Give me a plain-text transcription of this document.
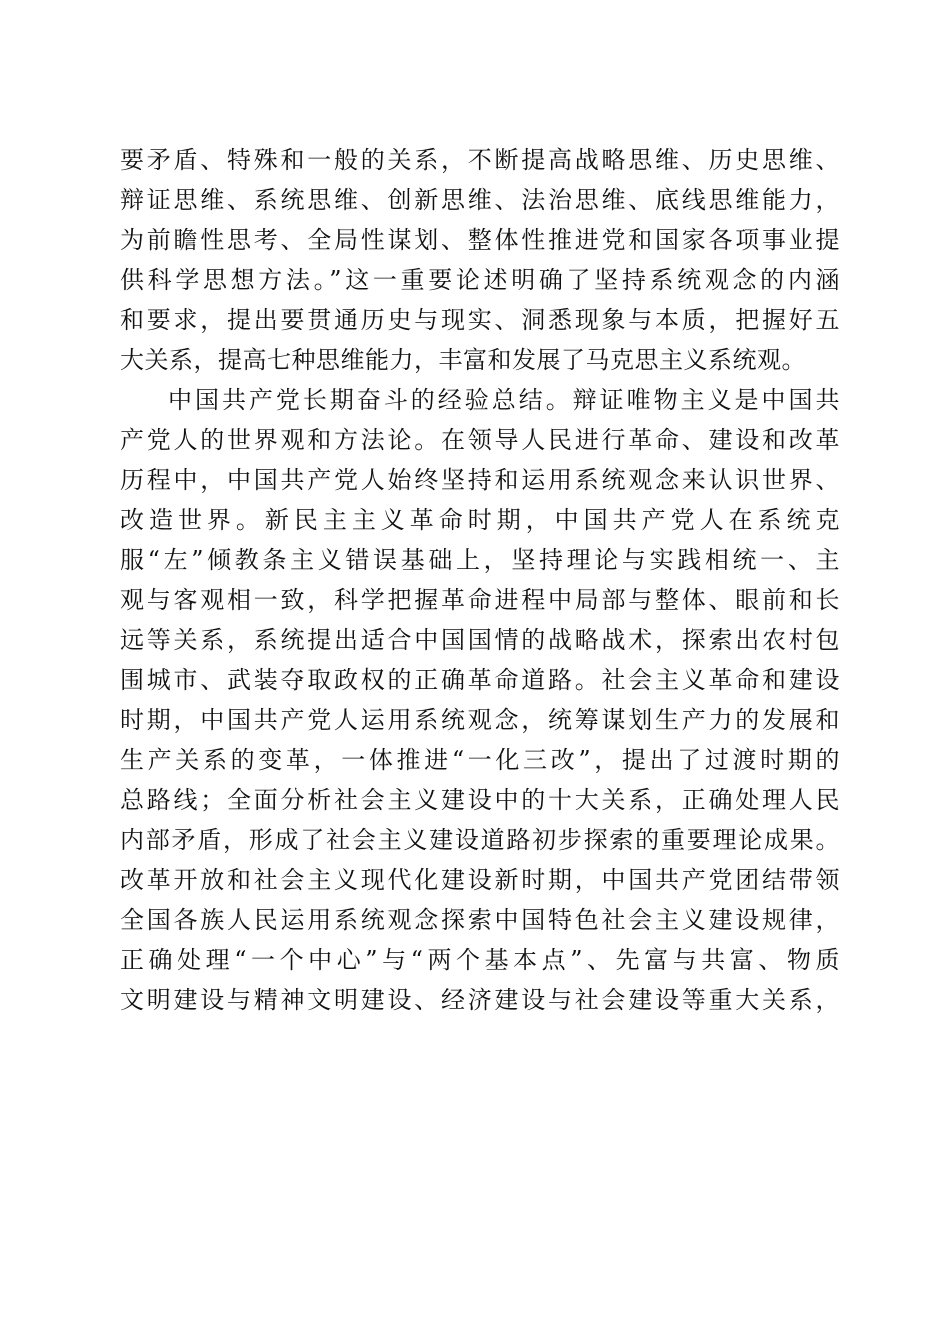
要矛盾、特殊和一般的关系，不断提高战略思维、历史思维、
辩证思维、系统思维、创新思维、法治思维、底线思维能力，
为前瞻性思考、全局性谋划、整体性推进党和国家各项事业提
供科学思想方法。”这一重要论述明确了坚持系统观念的内涵
和要求，提出要贯通历史与现实、洞悉现象与本质，把握好五
大关系，提高七种思维能力，丰富和发展了马克思主义系统观。
中国共产党长期奋斗的经验总结。辩证唯物主义是中国共
产党人的世界观和方法论。在领导人民进行革命、建设和改革
历程中，中国共产党人始终坚持和运用系统观念来认识世界、
改造世界。新民主主义革命时期，中国共产党人在系统克
服“左”倾教条主义错误基础上，坚持理论与实践相统一、主
观与客观相一致，科学把握革命进程中局部与整体、眼前和长
远等关系，系统提出适合中国国情的战略战术，探索出农村包
围城市、武装夺取政权的正确革命道路。社会主义革命和建设
时期，中国共产党人运用系统观念，统筹谋划生产力的发展和
生产关系的变革，一体推进“一化三改”，提出了过渡时期的
总路线；全面分析社会主义建设中的十大关系，正确处理人民
内部矛盾，形成了社会主义建设道路初步探索的重要理论成果。
改革开放和社会主义现代化建设新时期，中国共产党团结带领
全国各族人民运用系统观念探索中国特色社会主义建设规律，
正确处理“一个中心”与“两个基本点”、先富与共富、物质
文明建设与精神文明建设、经济建设与社会建设等重大关系，
